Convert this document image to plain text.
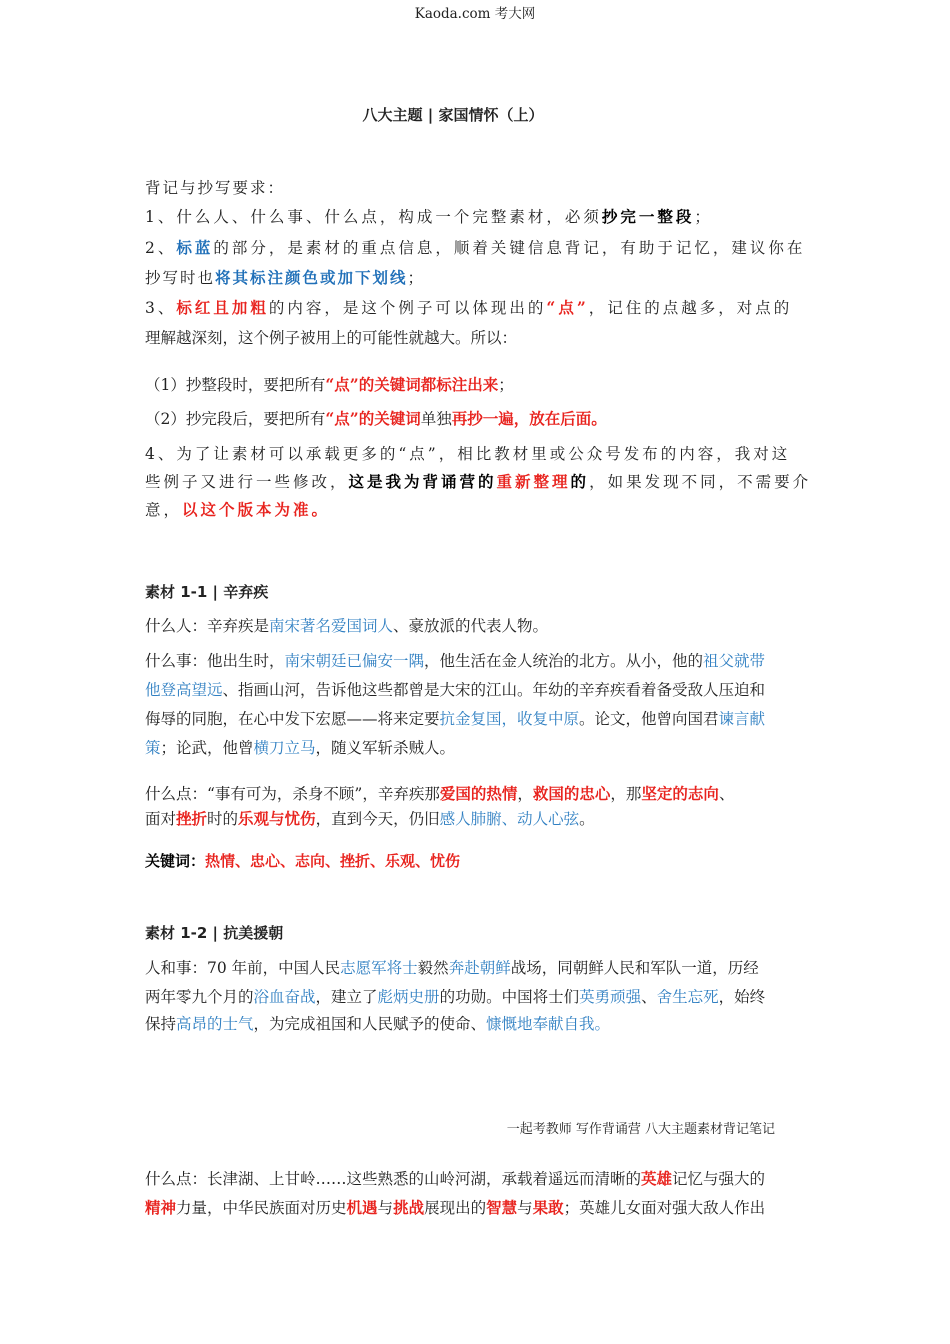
Kaoda.com 考大网
八大主题 | 家国情怀（上）
背记与抄写要求：
1、什么人、什么事、什么点，构成一个完整素材，必须抄完一整段；
2、标蓝的部分，是素材的重点信息，顺着关键信息背记，有助于记忆，建议你在
抄写时也将其标注颜色或加下划线；
3、标红且加粗的内容，是这个例子可以体现出的“点”，记住的点越多，对点的
理解越深刻，这个例子被用上的可能性就越大。所以：
（1）抄整段时，要把所有“点”的关键词都标注出来；
（2）抄完段后，要把所有“点”的关键词单独再抄一遍，放在后面。
4、为了让素材可以承载更多的“点”，相比教材里或公众号发布的内容，我对这
些例子又进行一些修改，这是我为背诵营的重新整理的，如果发现不同，不需要介
意，以这个版本为准。
素材 1-1 | 辛弃疾
什么人：辛弃疾是南宋著名爱国词人、豪放派的代表人物。
什么事：他出生时，南宋朝廷已偏安一隅，他生活在金人统治的北方。从小，他的祖父就带
他登高望远、指画山河，告诉他这些都曾是大宋的江山。年幼的辛弃疾看着备受敌人压迫和
侮辱的同胞，在心中发下宏愿——将来定要抗金复国，收复中原。论文，他曾向国君谏言献
策；论武，他曾横刀立马，随义军斩杀贼人。
什么点：“事有可为，杀身不顾”，辛弃疾那爱国的热情，救国的忠心，那坚定的志向、
面对挫折时的乐观与忧伤，直到今天，仍旧感人肺腑、动人心弦。
关键词：热情、忠心、志向、挫折、乐观、忧伤
素材 1-2 | 抗美援朝
人和事：70 年前，中国人民志愿军将士毅然奔赴朝鲜战场，同朝鲜人民和军队一道，历经
两年零九个月的浴血奋战，建立了彪炳史册的功勋。中国将士们英勇顽强、舍生忘死，始终
保持高昂的士气，为完成祖国和人民赋予的使命、慷慨地奉献自我。
一起考教师 写作背诵营 八大主题素材背记笔记
什么点：长津湖、上甘岭……这些熟悉的山岭河湖，承载着遥远而清晰的英雄记忆与强大的
精神力量，中华民族面对历史机遇与挑战展现出的智慧与果敢；英雄儿女面对强大敌人作出
